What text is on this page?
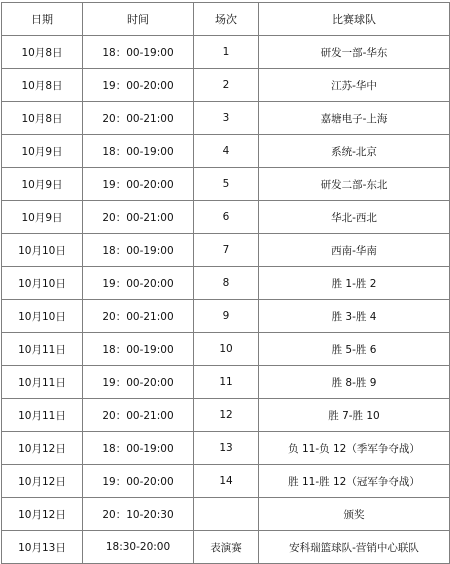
日期	时间	场次	比赛球队
10月8日	18：00-19:00	1	研发一部-华东
10月8日	19：00-20:00	2	江苏-华中
10月8日	20：00-21:00	3	嘉塘电子-上海
10月9日	18：00-19:00	4	系统-北京
10月9日	19：00-20:00	5	研发二部-东北
10月9日	20：00-21:00	6	华北-西北
10月10日	18：00-19:00	7	西南-华南
10月10日	19：00-20:00	8	胜 1-胜 2
10月10日	20：00-21:00	9	胜 3-胜 4
10月11日	18：00-19:00	10	胜 5-胜 6
10月11日	19：00-20:00	11	胜 8-胜 9
10月11日	20：00-21:00	12	胜 7-胜 10
10月12日	18：00-19:00	13	负 11-负 12（季军争夺战）
10月12日	19：00-20:00	14	胜 11-胜 12（冠军争夺战）
10月12日	20：10-20:30		颁奖
10月13日	18:30-20:00	表演赛	安科瑞篮球队-营销中心联队
